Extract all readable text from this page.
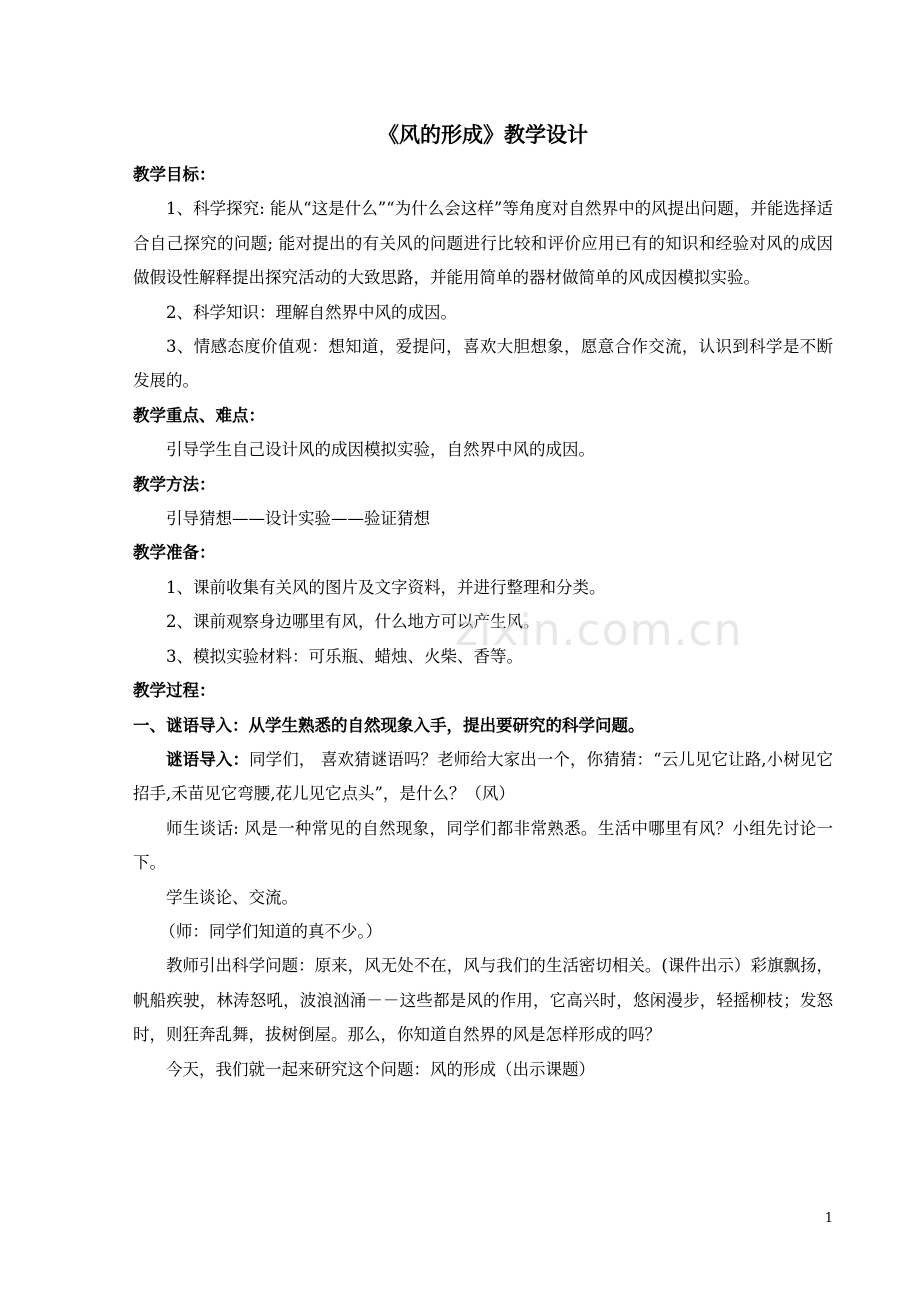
《风的形成》教学设计

教学目标：

1、科学探究: 能从“这是什么”“为什么会这样”等角度对自然界中的风提出问题，并能选择适合自己探究的问题; 能对提出的有关风的问题进行比较和评价应用已有的知识和经验对风的成因做假设性解释提出探究活动的大致思路，并能用简单的器材做简单的风成因模拟实验。

2、科学知识：理解自然界中风的成因。

3、情感态度价值观：想知道，爱提问，喜欢大胆想象，愿意合作交流，认识到科学是不断发展的。

教学重点、难点：

引导学生自己设计风的成因模拟实验，自然界中风的成因。

教学方法：

引导猜想——设计实验——验证猜想

教学准备：

1、课前收集有关风的图片及文字资料，并进行整理和分类。

2、课前观察身边哪里有风，什么地方可以产生风。

3、模拟实验材料：可乐瓶、蜡烛、火柴、香等。

教学过程：

一、谜语导入：从学生熟悉的自然现象入手，提出要研究的科学问题。

谜语导入：同学们， 喜欢猜谜语吗？老师给大家出一个，你猜猜：“云儿见它让路,小树见它招手,禾苗见它弯腰,花儿见它点头”，是什么？（风）

师生谈话: 风是一种常见的自然现象，同学们都非常熟悉。生活中哪里有风？小组先讨论一下。

学生谈论、交流。

（师：同学们知道的真不少。）

教师引出科学问题：原来，风无处不在，风与我们的生活密切相关。(课件出示）彩旗飘扬，帆船疾驶，林涛怒吼，波浪汹涌－－这些都是风的作用，它高兴时，悠闲漫步，轻摇柳枝；发怒时，则狂奔乱舞，拔树倒屋。那么，你知道自然界的风是怎样形成的吗？

今天，我们就一起来研究这个问题：风的形成（出示课题）

zixin.com.cn
1
